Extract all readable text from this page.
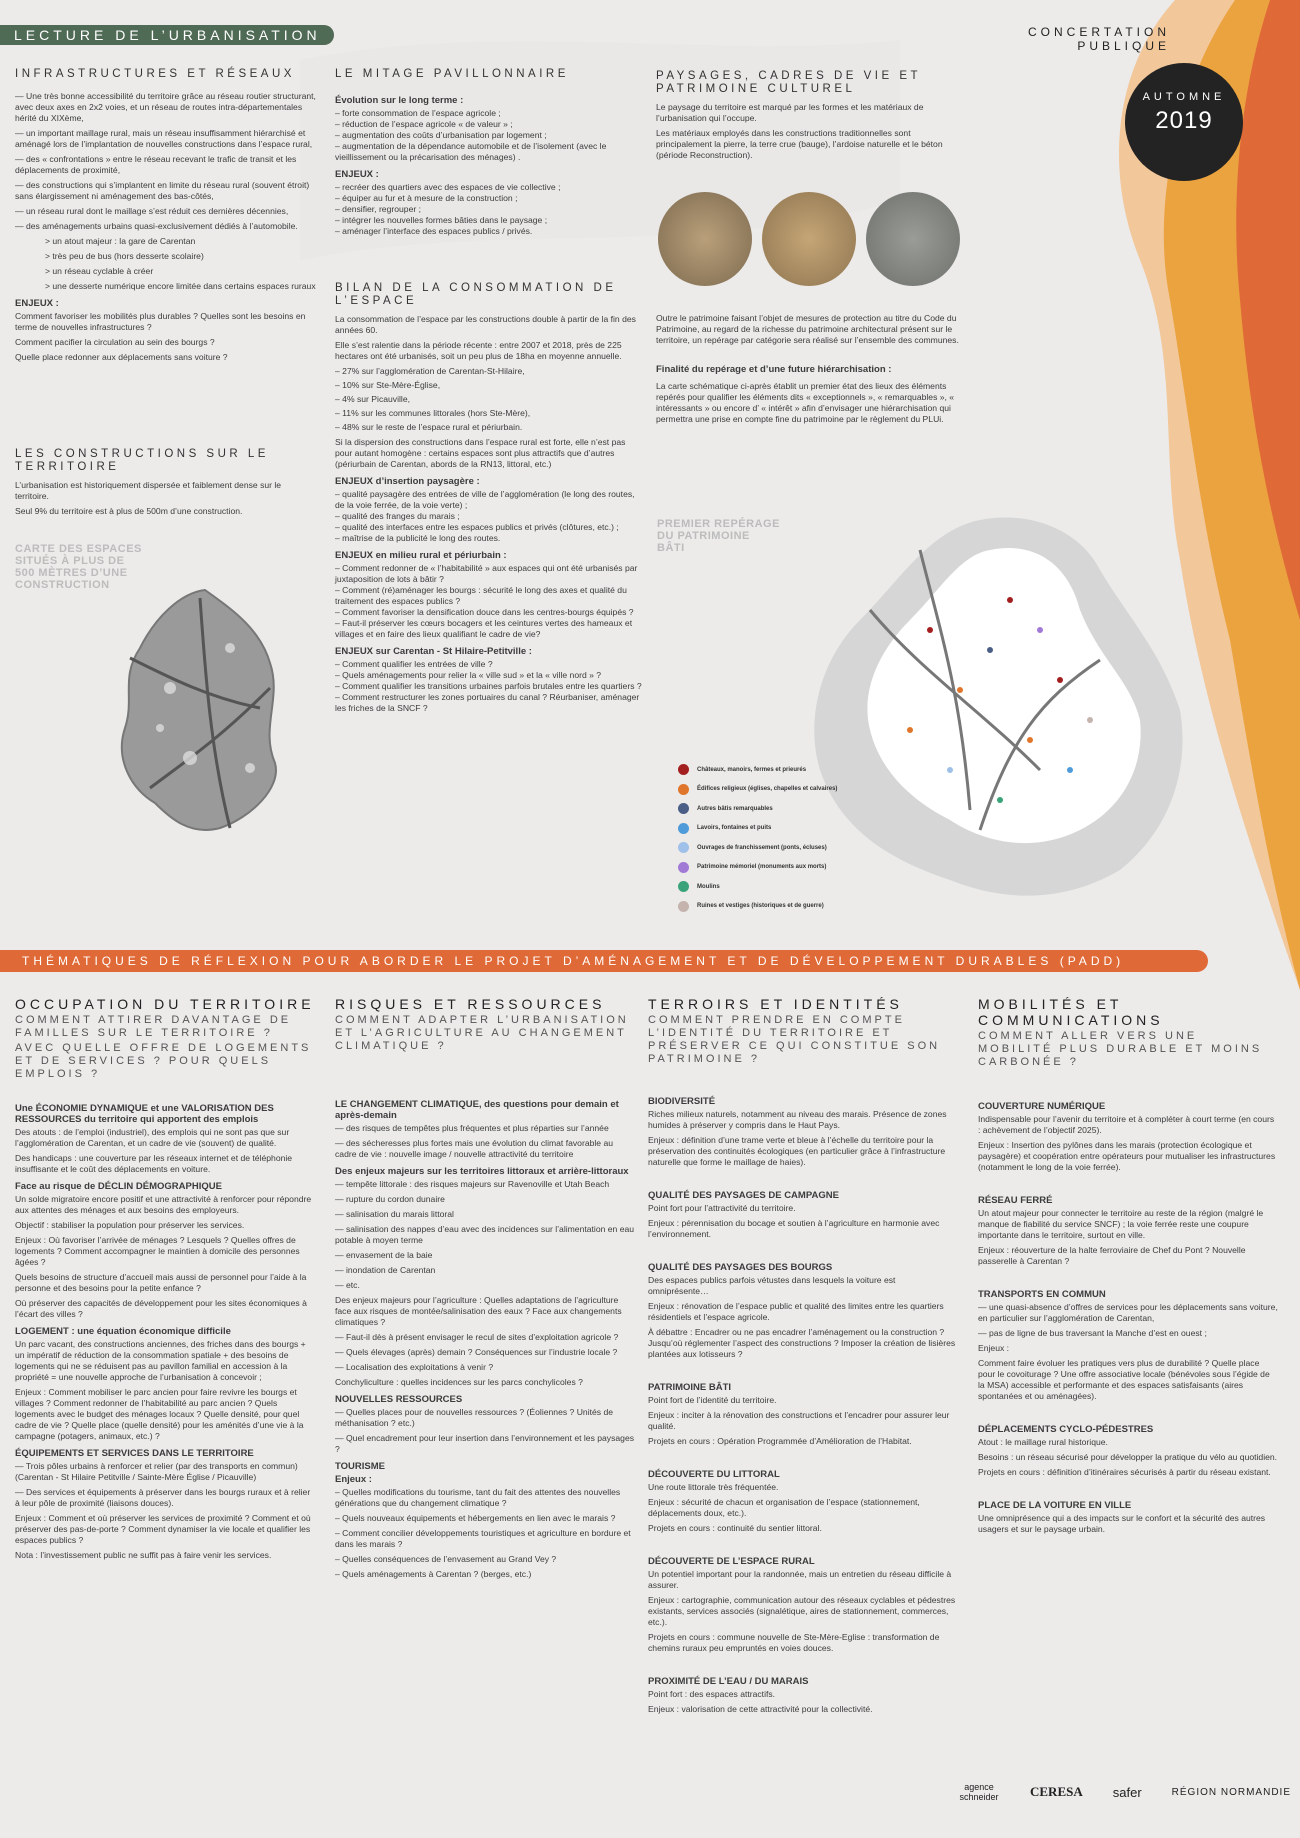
LECTURE DE L’URBANISATION	CONCERTATION
PUBLIQUE
AUTOMNE
2019
INFRASTRUCTURES ET RÉSEAUX
— Une très bonne accessibilité du territoire grâce au réseau routier structurant, avec deux axes en 2x2 voies, et un réseau de routes intra-départementales hérité du XIXème,
— un important maillage rural, mais un réseau insuffisamment hiérarchisé et aménagé lors de l’implantation de nouvelles constructions dans l’espace rural,
— des « confrontations » entre le réseau recevant le trafic de transit et les déplacements de proximité,
— des constructions qui s’implantent en limite du réseau rural (souvent étroit) sans élargissement ni aménagement des bas-côtés,
— un réseau rural dont le maillage s’est réduit ces dernières décennies,
— des aménagements urbains quasi-exclusivement dédiés à l’automobile.
> un atout majeur : la gare de Carentan
> très peu de bus (hors desserte scolaire)
> un réseau cyclable à créer
> une desserte numérique encore limitée dans certains espaces ruraux
ENJEUX :
Comment favoriser les mobilités plus durables ? Quelles sont les besoins en terme de nouvelles infrastructures ?
Comment pacifier la circulation au sein des bourgs ?
Quelle place redonner aux déplacements sans voiture ?
LES CONSTRUCTIONS SUR LE
TERRITOIRE
L’urbanisation est historiquement dispersée et faiblement dense sur le territoire.
Seul 9% du territoire est à plus de 500m d’une construction.
CARTE DES ESPACES
SITUÉS À PLUS DE
500 MÈTRES D’UNE
CONSTRUCTION
LE MITAGE PAVILLONNAIRE
Évolution sur le long terme :
– forte consommation de l’espace agricole ;
– réduction de l’espace agricole « de valeur » ;
– augmentation des coûts d’urbanisation par logement ;
– augmentation de la dépendance automobile et de l’isolement (avec le vieillissement ou la précarisation des ménages) .
ENJEUX :
– recréer des quartiers avec des espaces de vie collective ;
– équiper au fur et à mesure de la construction ;
– densifier, regrouper ;
– intégrer les nouvelles formes bâties dans le paysage ;
– aménager l’interface des espaces publics / privés.
BILAN DE LA CONSOMMATION DE
L’ESPACE
La consommation de l’espace par les constructions double à partir de la fin des années 60.
Elle s’est ralentie dans la période récente : entre 2007 et 2018, près de 225 hectares ont été urbanisés, soit un peu plus de 18ha en moyenne annuelle.
– 27% sur l’agglomération de Carentan-St-Hilaire,
– 10% sur Ste-Mère-Église,
– 4% sur Picauville,
– 11% sur les communes littorales (hors Ste-Mère),
– 48% sur le reste de l’espace rural et périurbain.
Si la dispersion des constructions dans l’espace rural est forte, elle n’est pas pour autant homogène : certains espaces sont plus attractifs que d’autres (périurbain de Carentan, abords de la RN13, littoral, etc.)
ENJEUX d’insertion paysagère :
– qualité paysagère des entrées de ville de l’agglomération (le long des routes, de la voie ferrée, de la voie verte) ;
– qualité des franges du marais ;
– qualité des interfaces entre les espaces publics et privés (clôtures, etc.) ;
– maîtrise de la publicité le long des routes.
ENJEUX en milieu rural et périurbain :
– Comment redonner de « l’habitabilité » aux espaces qui ont été urbanisés par juxtaposition de lots à bâtir ?
– Comment (ré)aménager les bourgs : sécurité le long des axes et qualité du traitement des espaces publics ?
– Comment favoriser la densification douce dans les centres-bourgs équipés ?
– Faut-il préserver les cœurs bocagers et les ceintures vertes des hameaux et villages et en faire des lieux qualifiant le cadre de vie?
ENJEUX sur Carentan - St Hilaire-Petitville :
– Comment qualifier les entrées de ville ?
– Quels aménagements pour relier la « ville sud » et la « ville nord » ?
– Comment qualifier les transitions urbaines parfois brutales entre les quartiers ?
– Comment restructurer les zones portuaires du canal ? Réurbaniser, aménager les friches de la SNCF ?
PAYSAGES, CADRES DE VIE ET
PATRIMOINE CULTUREL
Le paysage du territoire est marqué par les formes et les matériaux de l’urbanisation qui l’occupe.
Les matériaux employés dans les constructions traditionnelles sont principalement la pierre, la terre crue (bauge), l’ardoise naturelle et le béton (période Reconstruction).
Outre le patrimoine faisant l’objet de mesures de protection au titre du Code du Patrimoine, au regard de la richesse du patrimoine architectural présent sur le territoire, un repérage par catégorie sera réalisé sur l’ensemble des communes.
Finalité du repérage et d’une future hiérarchisation :
La carte schématique ci-après établit un premier état des lieux des éléments repérés pour qualifier les éléments dits « exceptionnels », « remarquables », « intéressants » ou encore d’ « intérêt » afin d’envisager une hiérarchisation qui permettra une prise en compte fine du patrimoine par le règlement du PLUi.
PREMIER REPÉRAGE
DU PATRIMOINE
BÂTI
Châteaux, manoirs, fermes et prieurés
Édifices religieux (églises, chapelles et calvaires)
Autres bâtis remarquables
Lavoirs, fontaines et puits
Ouvrages de franchissement (ponts, écluses)
Patrimoine mémoriel (monuments aux morts)
Moulins
Ruines et vestiges (historiques et de guerre)
THÉMATIQUES DE RÉFLEXION POUR ABORDER LE PROJET D’AMÉNAGEMENT ET DE DÉVELOPPEMENT DURABLES (PADD)
OCCUPATION DU TERRITOIRE
COMMENT ATTIRER DAVANTAGE DE FAMILLES SUR LE TERRITOIRE ?
AVEC QUELLE OFFRE DE LOGEMENTS ET DE SERVICES ? POUR QUELS EMPLOIS ?
Une ÉCONOMIE DYNAMIQUE et une VALORISATION DES RESSOURCES du territoire qui apportent des emplois
Des atouts : de l’emploi (industriel), des emplois qui ne sont pas que sur l’agglomération de Carentan, et un cadre de vie (souvent) de qualité.
Des handicaps : une couverture par les réseaux internet et de téléphonie insuffisante et le coût des déplacements en voiture.
Face au risque de DÉCLIN DÉMOGRAPHIQUE
Un solde migratoire encore positif et une attractivité à renforcer pour répondre aux attentes des ménages et aux besoins des employeurs.
Objectif : stabiliser la population pour préserver les services.
Enjeux : Où favoriser l’arrivée de ménages ? Lesquels ? Quelles offres de logements ? Comment accompagner le maintien à domicile des personnes âgées ?
Quels besoins de structure d’accueil mais aussi de personnel pour l’aide à la personne et des besoins pour la petite enfance ?
Où préserver des capacités de développement pour les sites économiques à l’écart des villes ?
LOGEMENT : une équation économique difficile
Un parc vacant, des constructions anciennes, des friches dans des bourgs + un impératif de réduction de la consommation spatiale + des besoins de logements qui ne se réduisent pas au pavillon familial en accession à la propriété = une nouvelle approche de l’urbanisation à concevoir ;
Enjeux : Comment mobiliser le parc ancien pour faire revivre les bourgs et villages ? Comment redonner de l’habitabilité au parc ancien ? Quels logements avec le budget des ménages locaux ? Quelle densité, pour quel cadre de vie ? Quelle place (quelle densité) pour les aménités d’une vie à la campagne (potagers, animaux, etc.) ?
ÉQUIPEMENTS ET SERVICES DANS LE TERRITOIRE
— Trois pôles urbains à renforcer et relier (par des transports en commun) (Carentan - St Hilaire Petitville / Sainte-Mère Église / Picauville)
— Des services et équipements à préserver dans les bourgs ruraux et à relier à leur pôle de proximité (liaisons douces).
Enjeux : Comment et où préserver les services de proximité ? Comment et où préserver des pas-de-porte ? Comment dynamiser la vie locale et qualifier les espaces publics ?
Nota : l’investissement public ne suffit pas à faire venir les services.
RISQUES ET RESSOURCES
COMMENT ADAPTER L’URBANISATION ET L’AGRICULTURE AU CHANGEMENT CLIMATIQUE ?
LE CHANGEMENT CLIMATIQUE, des questions pour demain et après-demain
— des risques de tempêtes plus fréquentes et plus réparties sur l’année
— des sécheresses plus fortes mais une évolution du climat favorable au cadre de vie : nouvelle image / nouvelle attractivité du territoire
Des enjeux majeurs sur les territoires littoraux et arrière-littoraux
— tempête littorale : des risques majeurs sur Ravenoville et Utah Beach
— rupture du cordon dunaire
— salinisation du marais littoral
— salinisation des nappes d’eau avec des incidences sur l’alimentation en eau potable à moyen terme
— envasement de la baie
— inondation de Carentan
— etc.
Des enjeux majeurs pour l’agriculture : Quelles adaptations de l’agriculture face aux risques de montée/salinisation des eaux ? Face aux changements climatiques ?
— Faut-il dès à présent envisager le recul de sites d’exploitation agricole ?
— Quels élevages (après) demain ? Conséquences sur l’industrie locale ?
— Localisation des exploitations à venir ?
Conchyliculture : quelles incidences sur les parcs conchylicoles ?
NOUVELLES RESSOURCES
— Quelles places pour de nouvelles ressources ? (Éoliennes ? Unités de méthanisation ? etc.)
— Quel encadrement pour leur insertion dans l’environnement et les paysages ?
TOURISME
Enjeux :
– Quelles modifications du tourisme, tant du fait des attentes des nouvelles générations que du changement climatique ?
– Quels nouveaux équipements et hébergements en lien avec le marais ?
– Comment concilier développements touristiques et agriculture en bordure et dans les marais ?
– Quelles conséquences de l’envasement au Grand Vey ?
– Quels aménagements à Carentan ? (berges, etc.)
TERROIRS ET IDENTITÉS
COMMENT PRENDRE EN COMPTE L’IDENTITÉ DU TERRITOIRE ET PRÉSERVER CE QUI CONSTITUE SON PATRIMOINE ?
BIODIVERSITÉ
Riches milieux naturels, notamment au niveau des marais. Présence de zones humides à préserver y compris dans le Haut Pays.
Enjeux : définition d’une trame verte et bleue à l’échelle du territoire pour la préservation des continuités écologiques (en particulier grâce à l’infrastructure naturelle que forme le maillage de haies).
QUALITÉ DES PAYSAGES DE CAMPAGNE
Point fort pour l’attractivité du territoire.
Enjeux : pérennisation du bocage et soutien à l’agriculture en harmonie avec l’environnement.
QUALITÉ DES PAYSAGES DES BOURGS
Des espaces publics parfois vétustes dans lesquels la voiture est omniprésente…
Enjeux : rénovation de l’espace public et qualité des limites entre les quartiers résidentiels et l’espace agricole.
À débattre : Encadrer ou ne pas encadrer l’aménagement ou la construction ? Jusqu’où réglementer l’aspect des constructions ? Imposer la création de lisières plantées aux lotisseurs ?
PATRIMOINE BÂTI
Point fort de l’identité du territoire.
Enjeux : inciter à la rénovation des constructions et l’encadrer pour assurer leur qualité.
Projets en cours : Opération Programmée d’Amélioration de l’Habitat.
DÉCOUVERTE DU LITTORAL
Une route littorale très fréquentée.
Enjeux : sécurité de chacun et organisation de l’espace (stationnement, déplacements doux, etc.).
Projets en cours : continuité du sentier littoral.
DÉCOUVERTE DE L’ESPACE RURAL
Un potentiel important pour la randonnée, mais un entretien du réseau difficile à assurer.
Enjeux : cartographie, communication autour des réseaux cyclables et pédestres existants, services associés (signalétique, aires de stationnement, commerces, etc.).
Projets en cours : commune nouvelle de Ste-Mère-Eglise : transformation de chemins ruraux peu empruntés en voies douces.
PROXIMITÉ DE L’EAU / DU MARAIS
Point fort : des espaces attractifs.
Enjeux : valorisation de cette attractivité pour la collectivité.
MOBILITÉS ET
COMMUNICATIONS
COMMENT ALLER VERS UNE MOBILITÉ PLUS DURABLE ET MOINS CARBONÉE ?
COUVERTURE NUMÉRIQUE
Indispensable pour l’avenir du territoire et à compléter à court terme (en cours : achèvement de l’objectif 2025).
Enjeux : Insertion des pylônes dans les marais (protection écologique et paysagère) et coopération entre opérateurs pour mutualiser les infrastructures (notamment le long de la voie ferrée).
RÉSEAU FERRÉ
Un atout majeur pour connecter le territoire au reste de la région (malgré le manque de fiabilité du service SNCF) ; la voie ferrée reste une coupure importante dans le territoire, surtout en ville.
Enjeux : réouverture de la halte ferroviaire de Chef du Pont ? Nouvelle passerelle à Carentan ?
TRANSPORTS EN COMMUN
— une quasi-absence d’offres de services pour les déplacements sans voiture, en particulier sur l’agglomération de Carentan,
— pas de ligne de bus traversant la Manche d’est en ouest ;
Enjeux :
Comment faire évoluer les pratiques vers plus de durabilité ? Quelle place pour le covoiturage ? Une offre associative locale (bénévoles sous l’égide de la MSA) accessible et performante et des espaces satisfaisants (aires spontanées et ou aménagées).
DÉPLACEMENTS CYCLO-PÉDESTRES
Atout : le maillage rural historique.
Besoins : un réseau sécurisé pour développer la pratique du vélo au quotidien.
Projets en cours : définition d’itinéraires sécurisés à partir du réseau existant.
PLACE DE LA VOITURE EN VILLE
Une omniprésence qui a des impacts sur le confort et la sécurité des autres usagers et sur le paysage urbain.
agence schneider CERESA safer	RÉGION NORMANDIE
